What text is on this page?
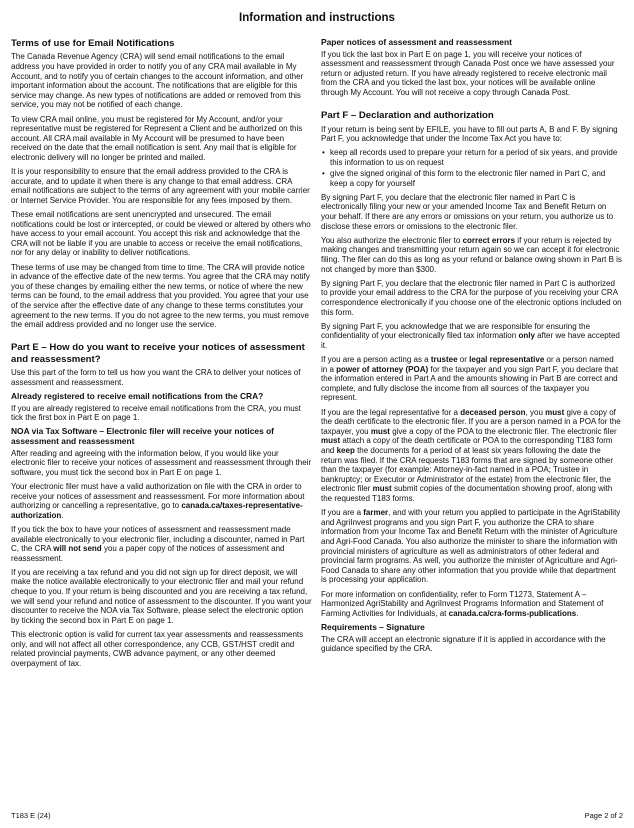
Information and instructions
Terms of use for Email Notifications

The Canada Revenue Agency (CRA) will send email notifications to the email address you have provided in order to notify you of any CRA mail available in My Account, and to notify you of certain changes to the account information, and other important information about the account. The notifications that are eligible for this service may change. As new types of notifications are added or removed from this service, you may not be notified of each change.

To view CRA mail online, you must be registered for My Account, and/or your representative must be registered for Represent a Client and be authorized on this account. All CRA mail available in My Account will be presumed to have been received on the date that the email notification is sent. Any mail that is eligible for electronic delivery will no longer be printed and mailed.

It is your responsibility to ensure that the email address provided to the CRA is accurate, and to update it when there is any change to that email address. CRA email notifications are subject to the terms of any agreement with your mobile carrier or Internet Service Provider. You are responsible for any fees imposed by them.

These email notifications are sent unencrypted and unsecured. The email notifications could be lost or intercepted, or could be viewed or altered by others who have access to your email account. You accept this risk and acknowledge that the CRA will not be liable if you are unable to access or receive the email notifications, nor for any delay or inability to deliver notifications.

These terms of use may be changed from time to time. The CRA will provide notice in advance of the effective date of the new terms. You agree that the CRA may notify you of these changes by emailing either the new terms, or notice of where the new terms can be found, to the email address that you provided. You agree that your use of the service after the effective date of any change to these terms constitutes your agreement to the new terms. If you do not agree to the new terms, you must remove the email address provided and no longer use the service.

Part E – How do you want to receive your notices of assessment and reassessment?

Use this part of the form to tell us how you want the CRA to deliver your notices of assessment and reassessment.

Already registered to receive email notifications from the CRA?

If you are already registered to receive email notifications from the CRA, you must tick the first box in Part E on page 1.

NOA via Tax Software – Electronic filer will receive your notices of assessment and reassessment

After reading and agreeing with the information below, if you would like your electronic filer to receive your notices of assessment and reassessment through their software, you must tick the second box in Part E on page 1.

Your electronic filer must have a valid authorization on file with the CRA in order to receive your notices of assessment and reassessment. For more information about authorizing or cancelling a representative, go to canada.ca/taxes-representative-authorization.

If you tick the box to have your notices of assessment and reassessment made available electronically to your electronic filer, including a discounter, named in Part C, the CRA will not send you a paper copy of the notices of assessment and reassessment.

If you are receiving a tax refund and you did not sign up for direct deposit, we will make the notice available electronically to your electronic filer and mail your refund cheque to you. If your return is being discounted and you are receiving a tax refund, we will send your refund and notice of assessment to the discounter. If you want your discounter to receive the NOA via Tax Software, please select the electronic option by ticking the second box in Part E on page 1.

This electronic option is valid for current tax year assessments and reassessments only, and will not affect all other correspondence, any CCB, GST/HST credit and related provincial payments, CWB advance payment, or any other deemed overpayment of tax.

Paper notices of assessment and reassessment

If you tick the last box in Part E on page 1, you will receive your notices of assessment and reassessment through Canada Post once we have assessed your return or adjusted return. If you have already registered to receive electronic mail from the CRA and you ticked the last box, your notices will be available online through My Account. You will not receive a copy through Canada Post.

Part F – Declaration and authorization

If your return is being sent by EFILE, you have to fill out parts A, B and F. By signing Part F, you acknowledge that under the Income Tax Act you have to:

• keep all records used to prepare your return for a period of six years, and provide this information to us on request
• give the signed original of this form to the electronic filer named in Part C, and keep a copy for yourself

By signing Part F, you declare that the electronic filer named in Part C is electronically filing your new or your amended Income Tax and Benefit Return on your behalf. If there are any errors or omissions on your return, you authorize us to disclose these errors or omissions to the electronic filer.

You also authorize the electronic filer to correct errors if your return is rejected by making changes and transmitting your return again so we can accept it for electronic filing. The filer can do this as long as your refund or balance owing shown in Part B is not changed by more than $300.

By signing Part F, you declare that the electronic filer named in Part C is authorized to provide your email address to the CRA for the purpose of you receiving your CRA correspondence electronically if you choose one of the electronic options included on this form.

By signing Part F, you acknowledge that we are responsible for ensuring the confidentiality of your electronically filed tax information only after we have accepted it.

If you are a person acting as a trustee or legal representative or a person named in a power of attorney (POA) for the taxpayer and you sign Part F, you declare that the information entered in Part A and the amounts showing in Part B are correct and complete, and fully disclose the income from all sources of the taxpayer you represent.

If you are the legal representative for a deceased person, you must give a copy of the death certificate to the electronic filer. If you are a person named in a POA for the taxpayer, you must give a copy of the POA to the electronic filer. The electronic filer must attach a copy of the death certificate or POA to the corresponding T183 form and keep the documents for a period of at least six years following the date the return was filed. If the CRA requests T183 forms that are signed by someone other than the taxpayer (for example: Attorney-in-fact named in a POA; Trustee in bankruptcy; or Executor or Administrator of the estate) from the electronic filer, the electronic filer must submit copies of the documentation showing proof, along with the requested T183 forms.

If you are a farmer, and with your return you applied to participate in the AgriStability and AgriInvest programs and you sign Part F, you authorize the CRA to share information from your Income Tax and Benefit Return with the minister of Agriculture and Agri-Food Canada. You also authorize the minister to share the information with provincial ministers of agriculture as well as administrators of other federal and provincial farm programs. As well, you authorize the minister of Agriculture and Agri-Food Canada to share any other information that you provide while that department is processing your application.

For more information on confidentiality, refer to Form T1273, Statement A – Harmonized AgriStability and AgriInvest Programs Information and Statement of Farming Activities for Individuals, at canada.ca/cra-forms-publications.

Requirements – Signature

The CRA will accept an electronic signature if it is applied in accordance with the guidance specified by the CRA.

T183 E (24)	Page 2 of 2
